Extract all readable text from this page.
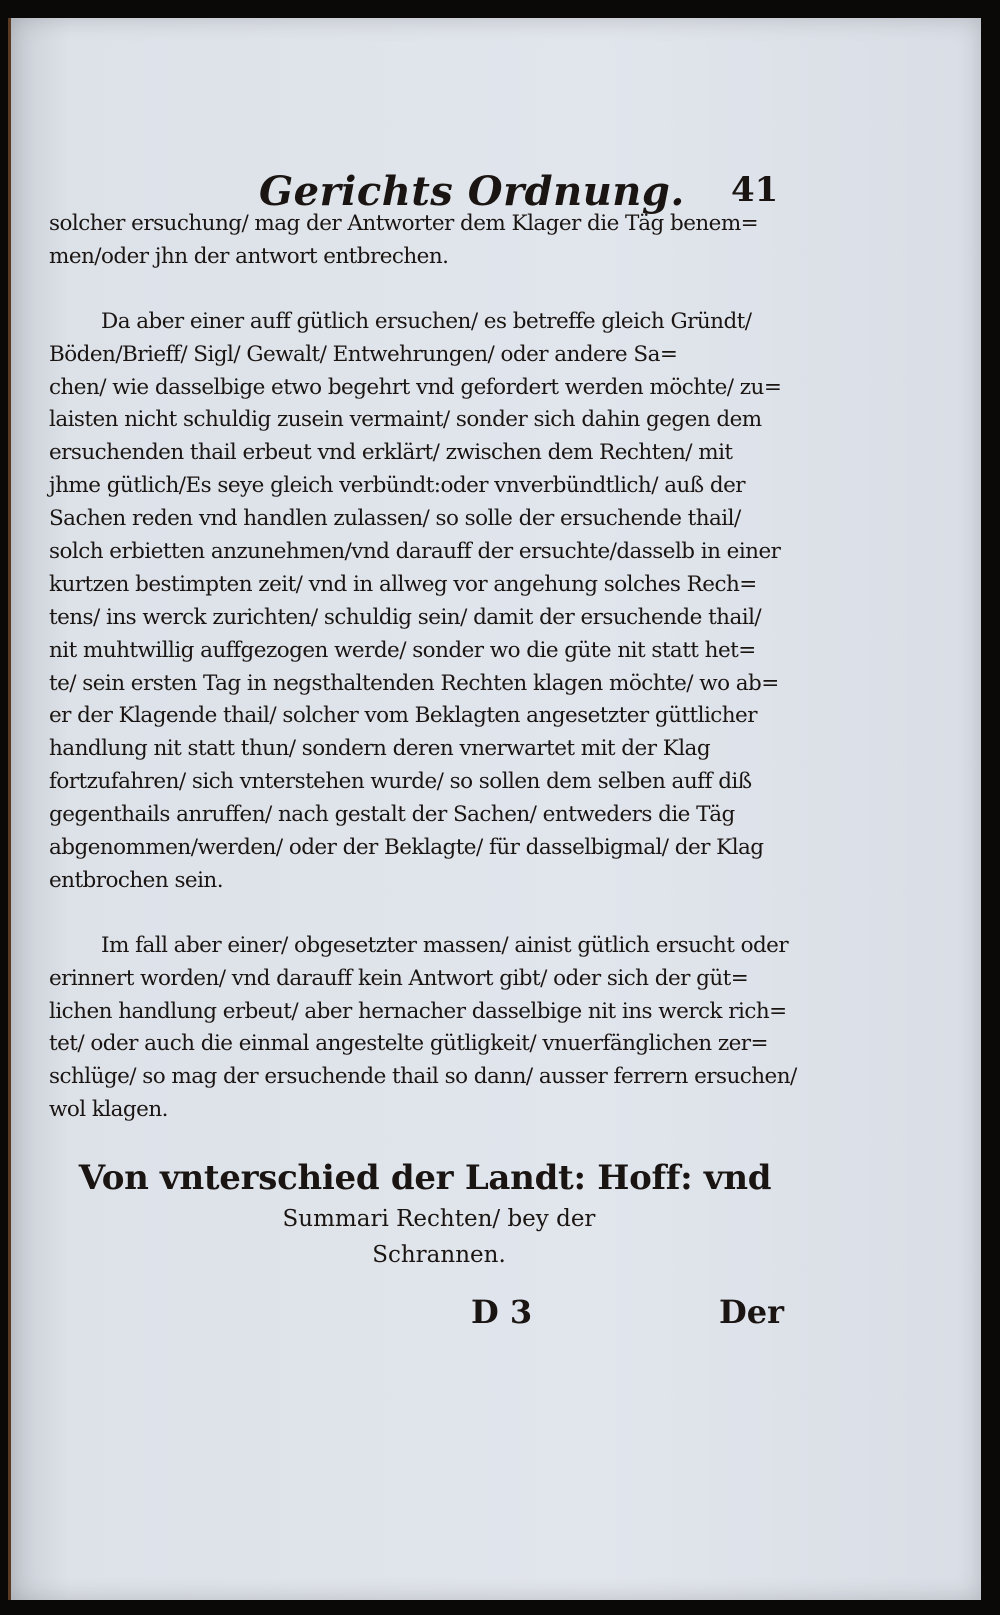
Gerichts Ordnung. 41
solcher ersuchung/ mag der Antworter dem Klager die Täg benem=
men/oder jhn der antwort entbrechen.
Da aber einer auff gütlich ersuchen/ es betreffe gleich Gründt/
Böden/Brieff/ Sigl/ Gewalt/ Entwehrungen/ oder andere Sa=
chen/ wie dasselbige etwo begehrt vnd gefordert werden möchte/ zu=
laisten nicht schuldig zusein vermaint/ sonder sich dahin gegen dem
ersuchenden thail erbeut vnd erklärt/ zwischen dem Rechten/ mit
jhme gütlich/Es seye gleich verbündt:oder vnverbündtlich/ auß der
Sachen reden vnd handlen zulassen/ so solle der ersuchende thail/
solch erbietten anzunehmen/vnd darauff der ersuchte/dasselb in einer
kurtzen bestimpten zeit/ vnd in allweg vor angehung solches Rech=
tens/ ins werck zurichten/ schuldig sein/ damit der ersuchende thail/
nit muhtwillig auffgezogen werde/ sonder wo die güte nit statt het=
te/ sein ersten Tag in negsthaltenden Rechten klagen möchte/ wo ab=
er der Klagende thail/ solcher vom Beklagten angesetzter güttlicher
handlung nit statt thun/ sondern deren vnerwartet mit der Klag
fortzufahren/ sich vnterstehen wurde/ so sollen dem selben auff diß
gegenthails anruffen/ nach gestalt der Sachen/ entweders die Täg
abgenommen/werden/ oder der Beklagte/ für dasselbigmal/ der Klag
entbrochen sein.
Im fall aber einer/ obgesetzter massen/ ainist gütlich ersucht oder
erinnert worden/ vnd darauff kein Antwort gibt/ oder sich der güt=
lichen handlung erbeut/ aber hernacher dasselbige nit ins werck rich=
tet/ oder auch die einmal angestelte gütligkeit/ vnuerfänglichen zer=
schlüge/ so mag der ersuchende thail so dann/ ausser ferrern ersuchen/
wol klagen.
Von vnterschied der Landt: Hoff: vnd
Summari Rechten/ bey der
Schrannen.
D 3	Der
